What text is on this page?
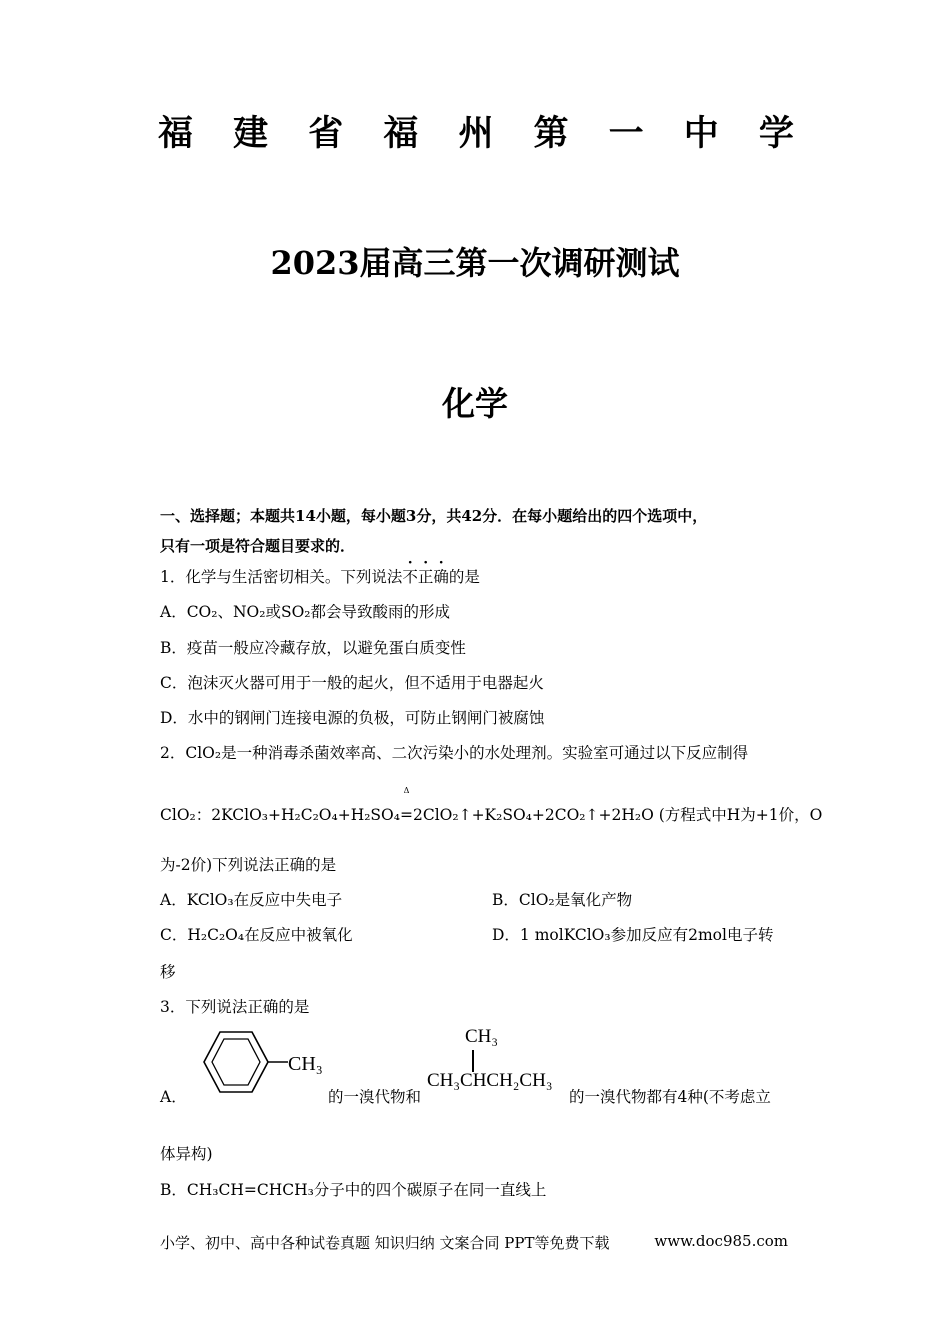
福 建 省 福 州 第 一 中 学
2023届高三第一次调研测试
化学
一、选择题；本题共14小题，每小题3分，共42分．在每小题给出的四个选项中，
只有一项是符合题目要求的．
1．化学与生活密切相关。下列说法不正确的是
A．CO₂、NO₂或SO₂都会导致酸雨的形成
B．疫苗一般应冷藏存放，以避免蛋白质变性
C．泡沫灭火器可用于一般的起火，但不适用于电器起火
D．水中的钢闸门连接电源的负极，可防止钢闸门被腐蚀
2．ClO₂是一种消毒杀菌效率高、二次污染小的水处理剂。实验室可通过以下反应制得
ClO₂：2KClO₃+H₂C₂O₄+H₂SO₄
Δ
=2ClO₂↑+K₂SO₄+2CO₂↑+2H₂O (方程式中H为+1价，O
为-2价)下列说法正确的是
A．KClO₃在反应中失电子	B．ClO₂是氧化产物
C．H₂C₂O₄在反应中被氧化	D．1 molKClO₃参加反应有2mol电子转
移
3．下列说法正确的是
A．
CH₃
的一溴代物和
CH₃
CH₃CHCH₂CH₃
的一溴代物都有4种(不考虑立
体异构)
B．CH₃CH=CHCH₃分子中的四个碳原子在同一直线上
小学、初中、高中各种试卷真题 知识归纳 文案合同 PPT等免费下载	www.doc985.com
